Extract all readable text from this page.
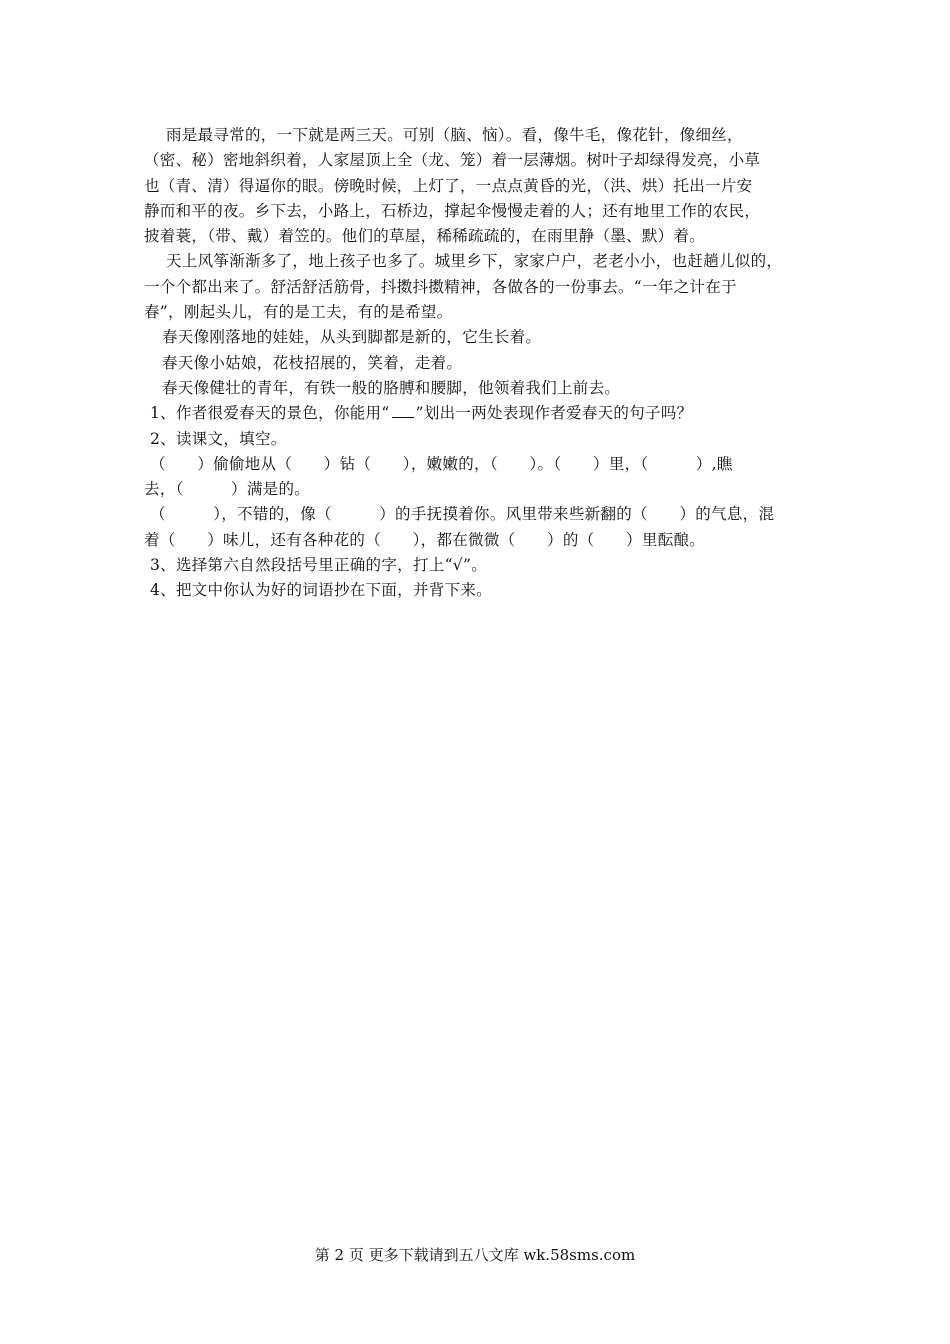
雨是最寻常的，一下就是两三天。可别（脑、恼）。看，像牛毛，像花针，像细丝，
（密、秘）密地斜织着，人家屋顶上全（龙、笼）着一层薄烟。树叶子却绿得发亮，小草
也（青、清）得逼你的眼。傍晚时候，上灯了，一点点黄昏的光，（洪、烘）托出一片安
静而和平的夜。乡下去，小路上，石桥边，撑起伞慢慢走着的人；还有地里工作的农民，
披着蓑，（带、戴）着笠的。他们的草屋，稀稀疏疏的，在雨里静（墨、默）着。
天上风筝渐渐多了，地上孩子也多了。城里乡下，家家户户，老老小小，也赶趟儿似的，
一个个都出来了。舒活舒活筋骨，抖擞抖擞精神，各做各的一份事去。“一年之计在于
春”，刚起头儿，有的是工夫，有的是希望。
春天像刚落地的娃娃，从头到脚都是新的，它生长着。
春天像小姑娘，花枝招展的，笑着，走着。
春天像健壮的青年，有铁一般的胳膊和腰脚，他领着我们上前去。
1、作者很爱春天的景色，你能用“ ”划出一两处表现作者爱春天的句子吗？
2、读课文，填空。
（　　）偷偷地从（　　）钻（　　），嫩嫩的，（　　）。（　　）里，（　　　）,瞧
去，（　　　）满是的。
（　　　），不错的，像（　　　）的手抚摸着你。风里带来些新翻的（　　）的气息，混
着（　　）味儿，还有各种花的（　　），都在微微（　　）的（　　）里酝酿。
3、选择第六自然段括号里正确的字，打上“√”。
4、把文中你认为好的词语抄在下面，并背下来。
第 2 页 更多下载请到五八文库 wk.58sms.com
